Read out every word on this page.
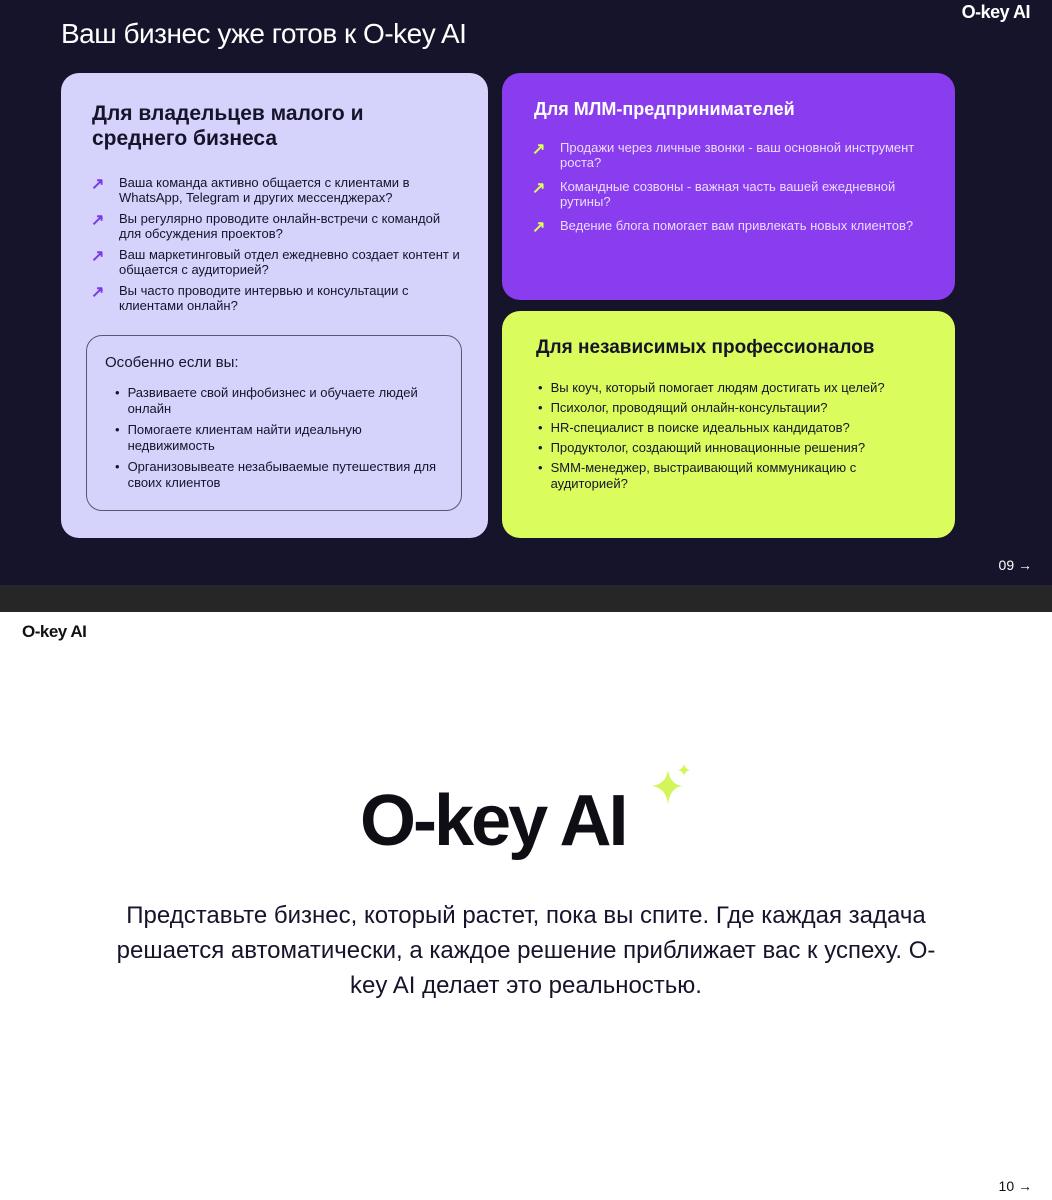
O-key AI
Ваш бизнес уже готов к O-key AI
Для владельцев малого и среднего бизнеса
↗ Ваша команда активно общается с клиентами в WhatsApp, Telegram и других мессенджерах?
↗ Вы регулярно проводите онлайн-встречи с командой для обсуждения проектов?
↗ Ваш маркетинговый отдел ежедневно создает контент и общается с аудиторией?
↗ Вы часто проводите интервью и консультации с клиентами онлайн?
Особенно если вы:
• Развиваете свой инфобизнес и обучаете людей онлайн
• Помогаете клиентам найти идеальную недвижимость
• Организовывеате незабываемые путешествия для своих клиентов
Для МЛМ-предпринимателей
↗ Продажи через личные звонки - ваш основной инструмент роста?
↗ Командные созвоны - важная часть вашей ежедневной рутины?
↗ Ведение блога помогает вам привлекать новых клиентов?
Для независимых профессионалов
• Вы коуч, который помогает людям достигать их целей?
• Психолог, проводящий онлайн-консультации?
• HR-специалист в поиске идеальных кандидатов?
• Продуктолог, создающий инновационные решения?
• SMM-менеджер, выстраивающий коммуникацию с аудиторией?
09 →
O-key AI
O-key AI
Представьте бизнес, который растет, пока вы спите. Где каждая задача решается автоматически, а каждое решение приближает вас к успеху. O-key AI делает это реальностью.
10 →
